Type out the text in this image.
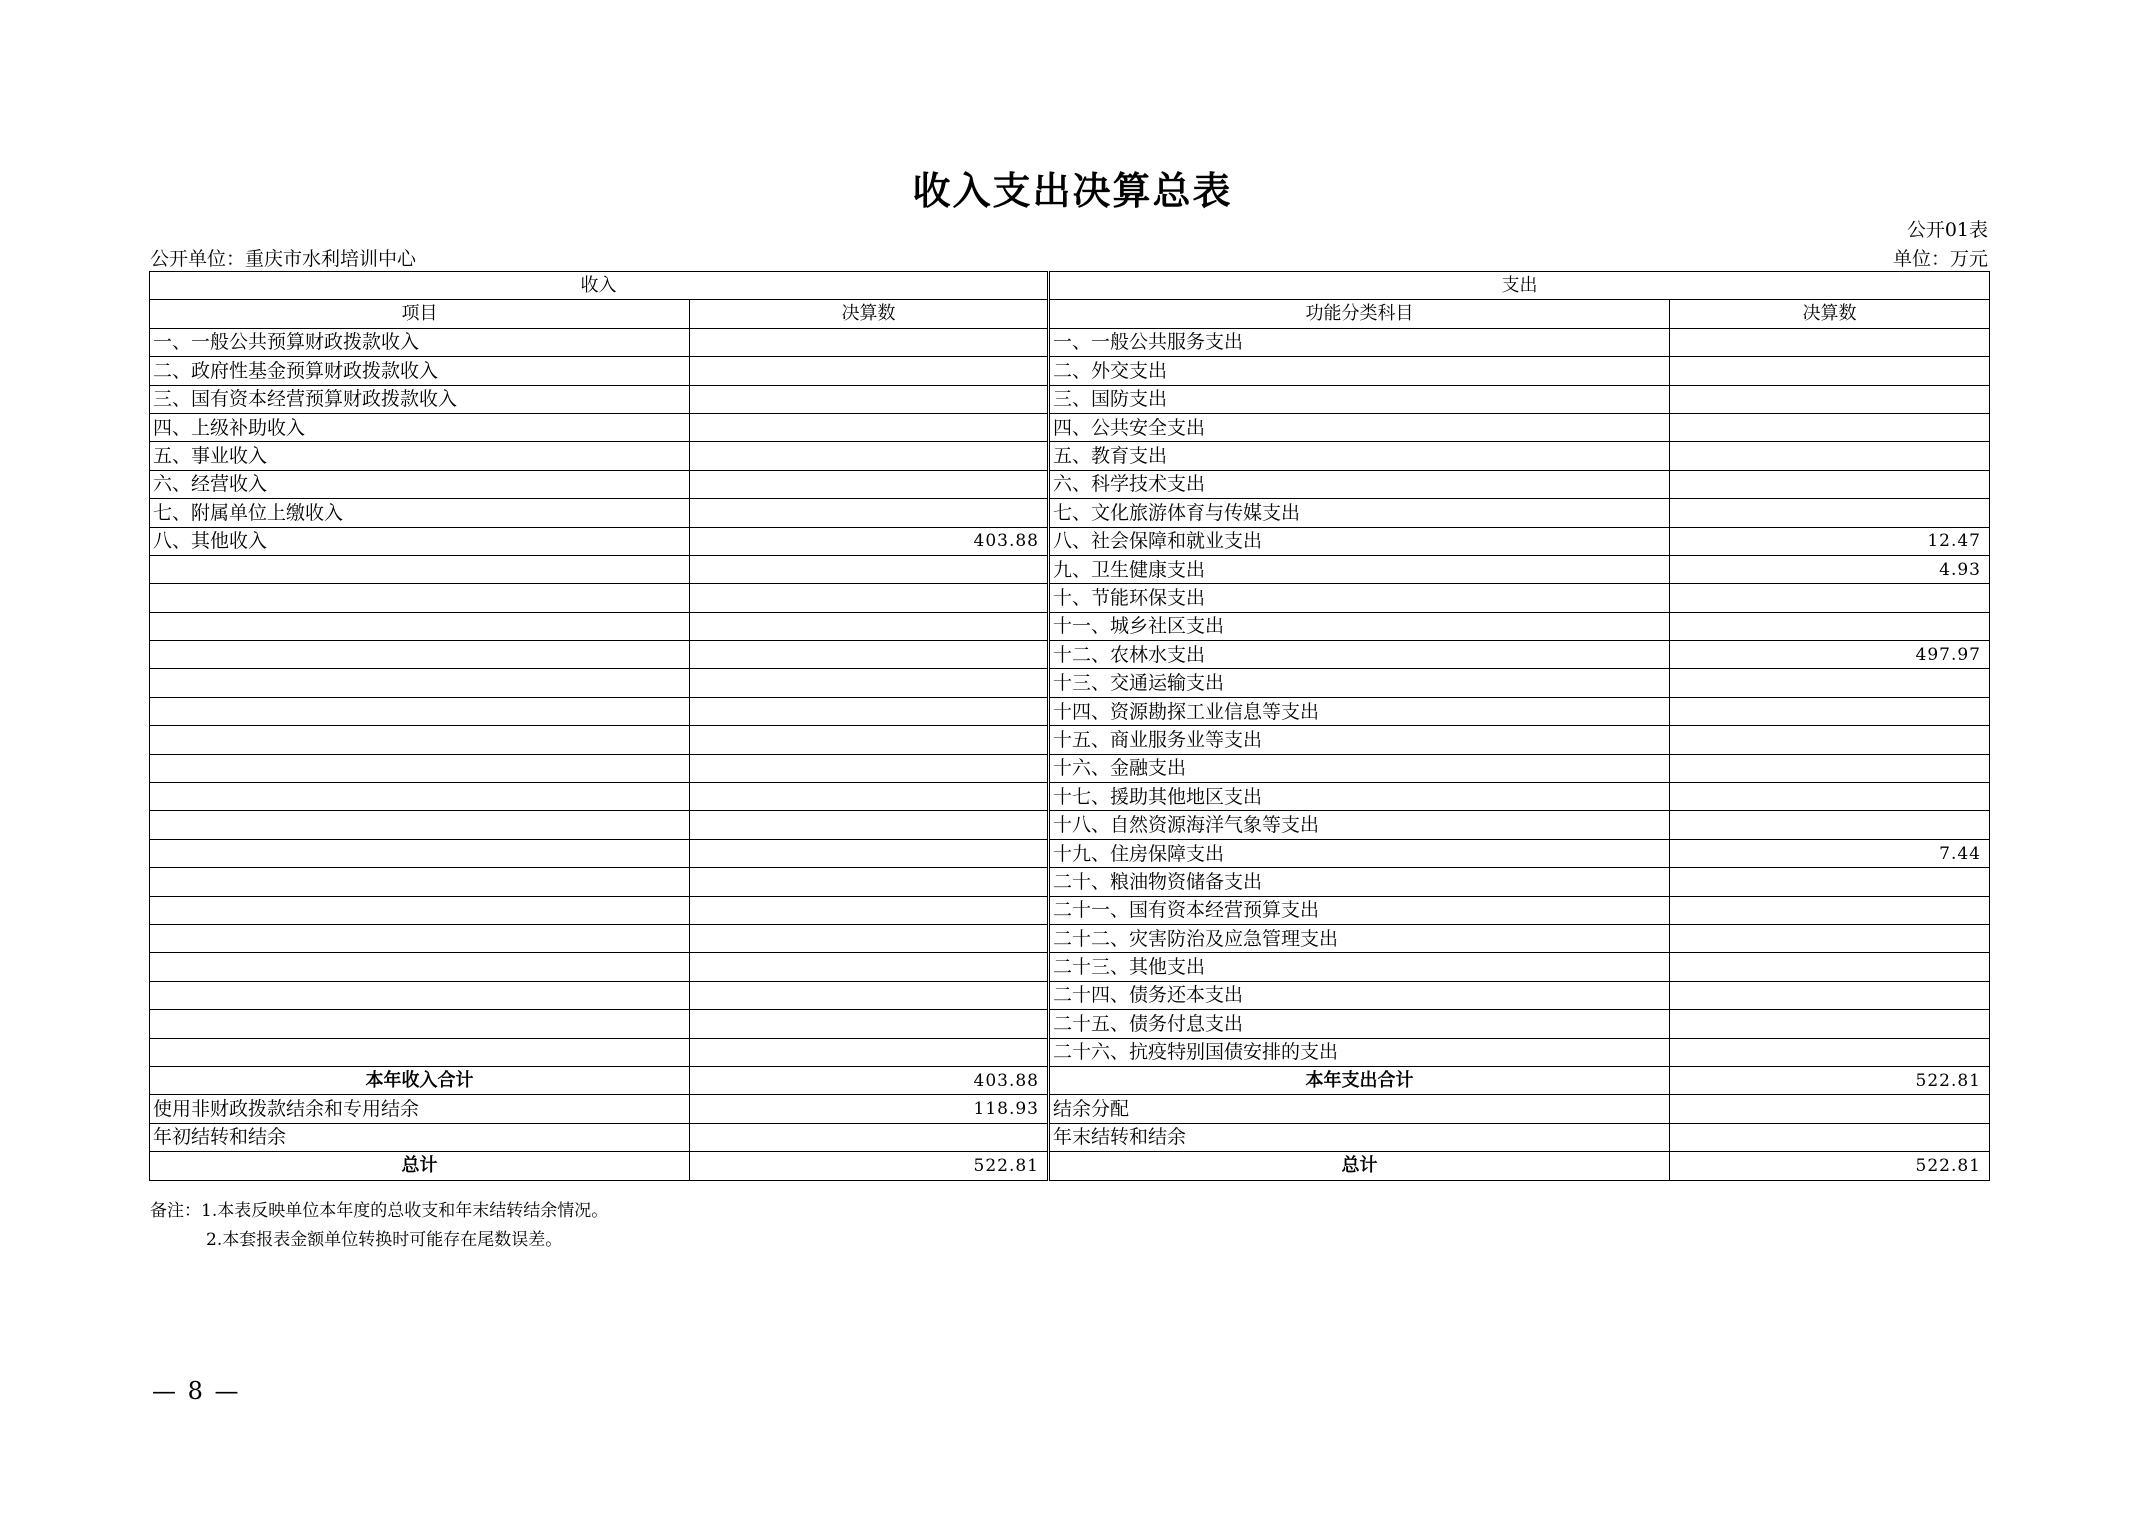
收入支出决算总表
公开01表
公开单位：重庆市水利培训中心	单位：万元
收入		支出	
项目	决算数	功能分类科目	决算数
一、一般公共预算财政拨款收入		一、一般公共服务支出	
二、政府性基金预算财政拨款收入		二、外交支出	
三、国有资本经营预算财政拨款收入		三、国防支出	
四、上级补助收入		四、公共安全支出	
五、事业收入		五、教育支出	
六、经营收入		六、科学技术支出	
七、附属单位上缴收入		七、文化旅游体育与传媒支出	
八、其他收入	403.88	八、社会保障和就业支出	12.47
		九、卫生健康支出	4.93
		十、节能环保支出	
		十一、城乡社区支出	
		十二、农林水支出	497.97
		十三、交通运输支出	
		十四、资源勘探工业信息等支出	
		十五、商业服务业等支出	
		十六、金融支出	
		十七、援助其他地区支出	
		十八、自然资源海洋气象等支出	
		十九、住房保障支出	7.44
		二十、粮油物资储备支出	
		二十一、国有资本经营预算支出	
		二十二、灾害防治及应急管理支出	
		二十三、其他支出	
		二十四、债务还本支出	
		二十五、债务付息支出	
		二十六、抗疫特别国债安排的支出	
本年收入合计	403.88	本年支出合计	522.81
使用非财政拨款结余和专用结余	118.93	结余分配	
年初结转和结余		年末结转和结余	
总计	522.81	总计	522.81
备注：1.本表反映单位本年度的总收支和年末结转结余情况。
2.本套报表金额单位转换时可能存在尾数误差。
— 8 —
